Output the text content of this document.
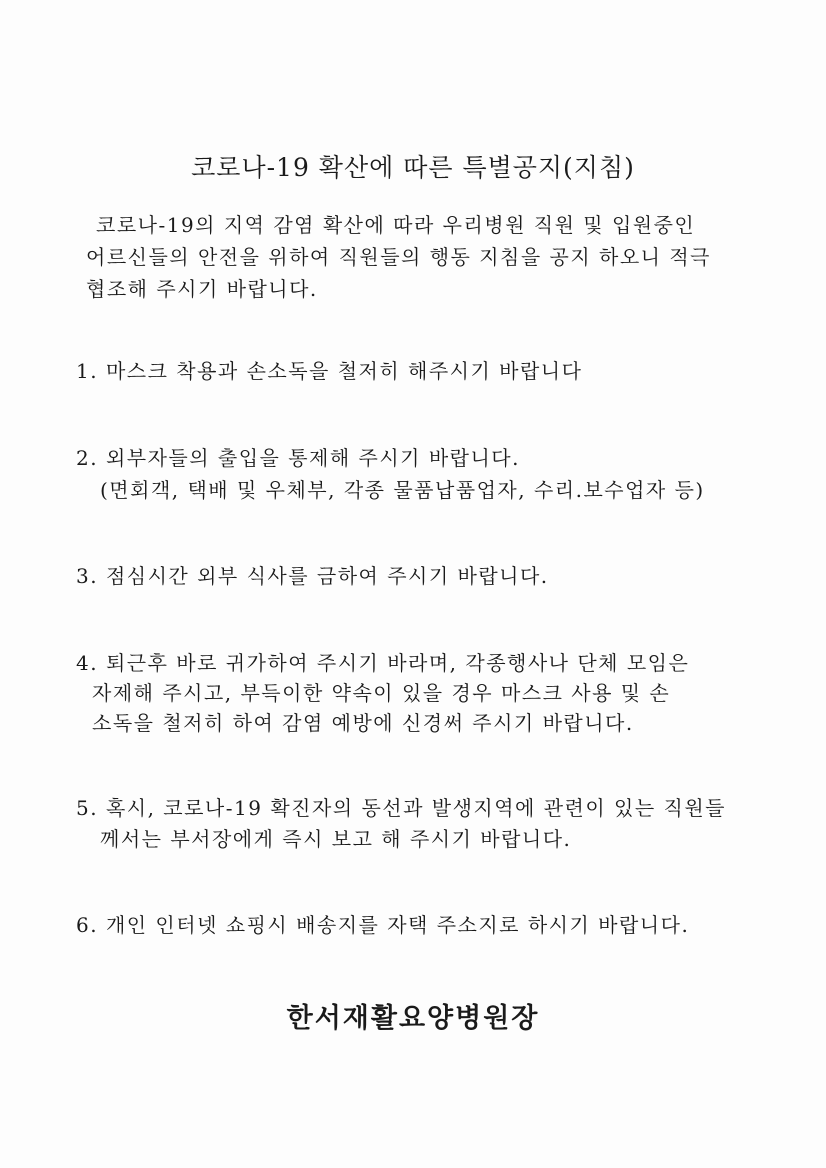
코로나-19 확산에 따른 특별공지(지침)
코로나-19의 지역 감염 확산에 따라 우리병원 직원 및 입원중인
어르신들의 안전을 위하여 직원들의 행동 지침을 공지 하오니 적극
협조해 주시기 바랍니다.
1. 마스크 착용과 손소독을 철저히 해주시기 바랍니다
2. 외부자들의 출입을 통제해 주시기 바랍니다.
(면회객, 택배 및 우체부, 각종 물품납품업자, 수리.보수업자 등)
3. 점심시간 외부 식사를 금하여 주시기 바랍니다.
4. 퇴근후 바로 귀가하여 주시기 바라며, 각종행사나 단체 모임은
자제해 주시고, 부득이한 약속이 있을 경우 마스크 사용 및 손
소독을 철저히 하여 감염 예방에 신경써 주시기 바랍니다.
5. 혹시, 코로나-19 확진자의 동선과 발생지역에 관련이 있는 직원들
께서는 부서장에게 즉시 보고 해 주시기 바랍니다.
6. 개인 인터넷 쇼핑시 배송지를 자택 주소지로 하시기 바랍니다.
한서재활요양병원장
